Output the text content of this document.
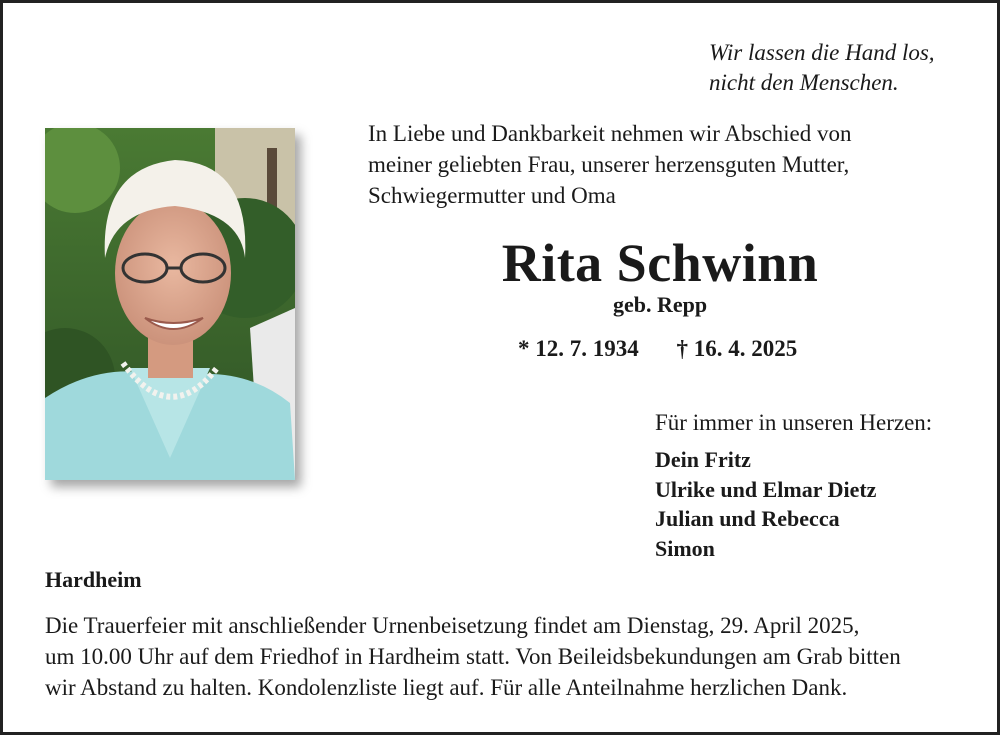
Wir lassen die Hand los,
nicht den Menschen.
In Liebe und Dankbarkeit nehmen wir Abschied von
meiner geliebten Frau, unserer herzensguten Mutter,
Schwiegermutter und Oma
Rita Schwinn
geb. Repp
* 12. 7. 1934 † 16. 4. 2025
Für immer in unseren Herzen:
Dein Fritz
Ulrike und Elmar Dietz
Julian und Rebecca
Simon
Hardheim
Die Trauerfeier mit anschließender Urnenbeisetzung findet am Dienstag, 29. April 2025,
um 10.00 Uhr auf dem Friedhof in Hardheim statt. Von Beileidsbekundungen am Grab bitten
wir Abstand zu halten. Kondolenzliste liegt auf. Für alle Anteilnahme herzlichen Dank.
